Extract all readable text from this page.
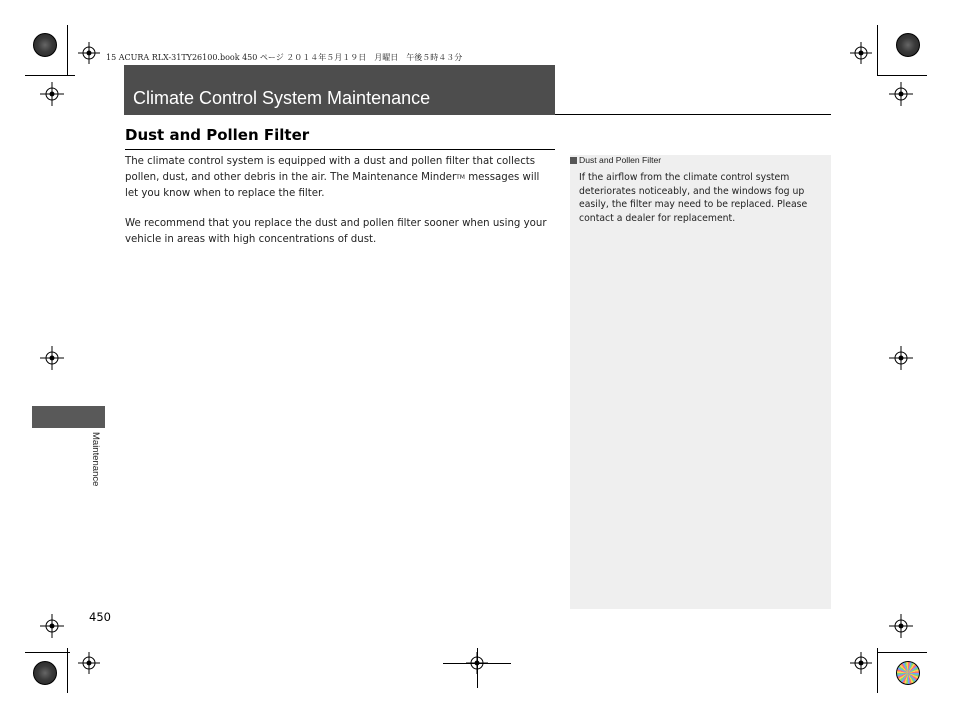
15 ACURA RLX-31TY26100.book 450 ページ ２０１４年５月１９日　月曜日　午後５時４３分
Climate Control System Maintenance
Dust and Pollen Filter

The climate control system is equipped with a dust and pollen filter that collects pollen, dust, and other debris in the air. The Maintenance Minder™ messages will let you know when to replace the filter.

We recommend that you replace the dust and pollen filter sooner when using your vehicle in areas with high concentrations of dust.

Dust and Pollen Filter
If the airflow from the climate control system deteriorates noticeably, and the windows fog up easily, the filter may need to be replaced. Please contact a dealer for replacement.
Maintenance
450
